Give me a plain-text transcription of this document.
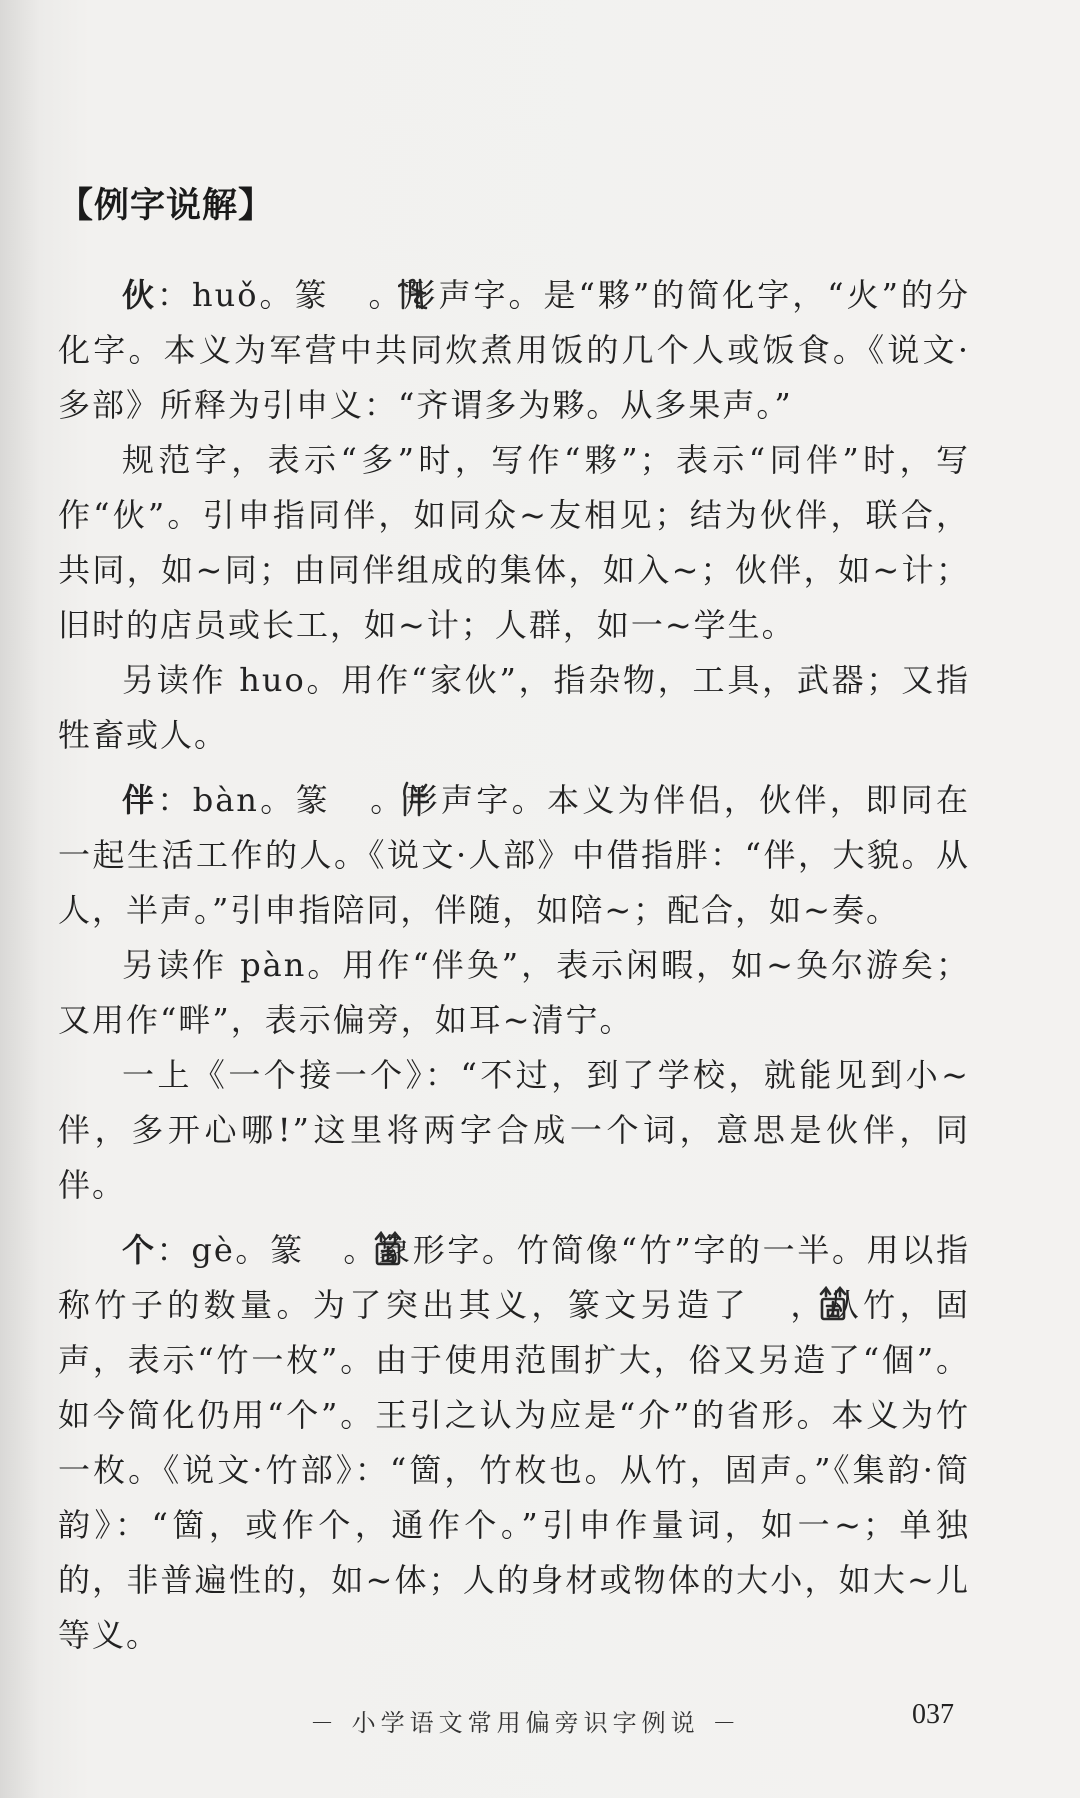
【例字说解】

伙：huǒ。篆 。形声字。是“夥”的简化字，“火”的分化字。本义为军营中共同炊煮用饭的几个人或饭食。《说文·多部》所释为引申义：“齐谓多为夥。从多果声。”

规范字，表示“多”时，写作“夥”；表示“同伴”时，写作“伙”。引申指同伴，如同众~友相见；结为伙伴，联合，共同，如~同；由同伴组成的集体，如入~；伙伴，如~计；旧时的店员或长工，如~计；人群，如一~学生。

另读作 huo。用作“家伙”，指杂物，工具，武器；又指牲畜或人。

伴：bàn。篆 。形声字。本义为伴侣，伙伴，即同在一起生活工作的人。《说文·人部》中借指胖：“伴，大貌。从人，半声。”引申指陪同，伴随，如陪~；配合，如~奏。

另读作 pàn。用作“伴奂”，表示闲暇，如~奂尔游矣；又用作“畔”，表示偏旁，如耳~清宁。

一上《一个接一个》：“不过，到了学校，就能见到小~伴，多开心哪!”这里将两字合成一个词，意思是伙伴，同伴。

个：gè。篆 。象形字。竹简像“竹”字的一半。用以指称竹子的数量。为了突出其义，篆文另造了 ，从竹，固声，表示“竹一枚”。由于使用范围扩大，俗又另造了“個”。如今简化仍用“个”。王引之认为应是“介”的省形。本义为竹一枚。《说文·竹部》：“箇，竹枚也。从竹，固声。”《集韵·简韵》：“箇，或作个，通作个。”引申作量词，如一~；单独的，非普遍性的，如~体；人的身材或物体的大小，如大~儿等义。

－ 小学语文常用偏旁识字例说 －	037
